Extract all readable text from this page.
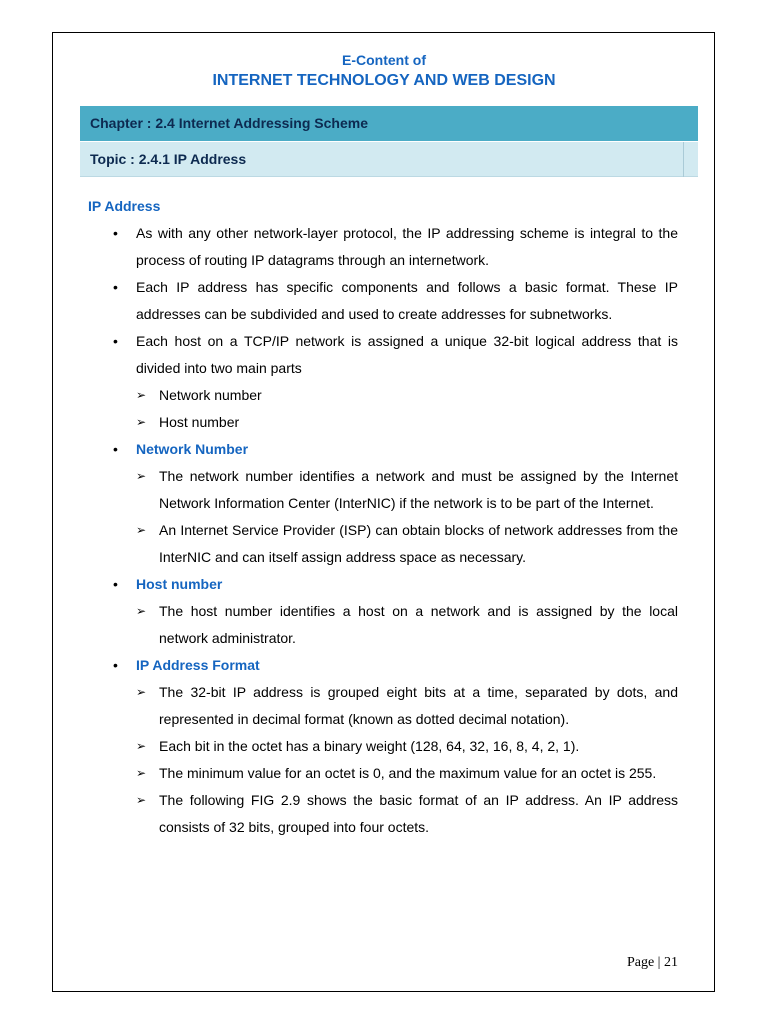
E-Content of
INTERNET TECHNOLOGY AND WEB DESIGN
Chapter : 2.4 Internet Addressing Scheme
Topic : 2.4.1 IP Address
IP Address
• As with any other network-layer protocol, the IP addressing scheme is integral to the process of routing IP datagrams through an internetwork.
• Each IP address has specific components and follows a basic format. These IP addresses can be subdivided and used to create addresses for subnetworks.
• Each host on a TCP/IP network is assigned a unique 32-bit logical address that is divided into two main parts
➢ Network number
➢ Host number
• Network Number
➢ The network number identifies a network and must be assigned by the Internet Network Information Center (InterNIC) if the network is to be part of the Internet.
➢ An Internet Service Provider (ISP) can obtain blocks of network addresses from the InterNIC and can itself assign address space as necessary.
• Host number
➢ The host number identifies a host on a network and is assigned by the local network administrator.
• IP Address Format
➢ The 32-bit IP address is grouped eight bits at a time, separated by dots, and represented in decimal format (known as dotted decimal notation).
➢ Each bit in the octet has a binary weight (128, 64, 32, 16, 8, 4, 2, 1).
➢ The minimum value for an octet is 0, and the maximum value for an octet is 255.
➢ The following FIG 2.9 shows the basic format of an IP address. An IP address consists of 32 bits, grouped into four octets.
Page | 21
